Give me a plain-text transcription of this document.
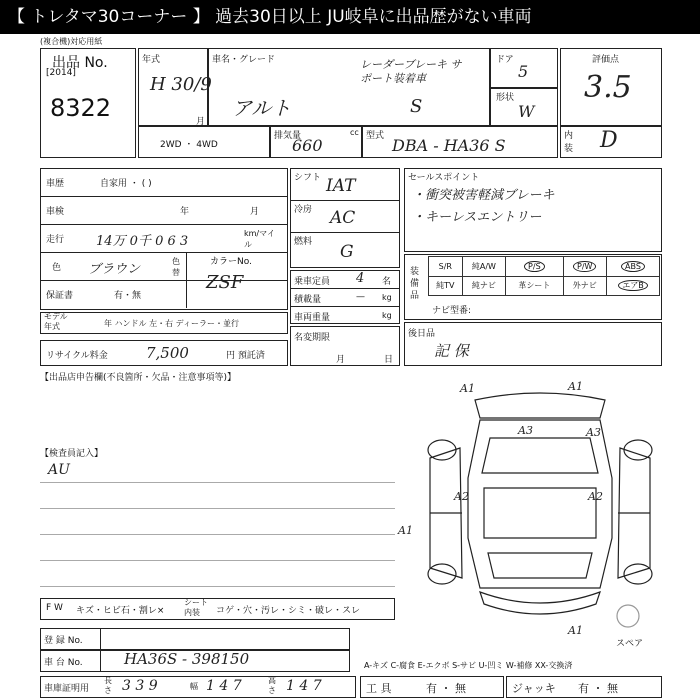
【 トレタマ30コーナー 】 過去30日以上 JU岐阜に出品歴がない車両
(複合機)対応用紙
出品 No.
[2014]
8322
年式
H 30/9
月
車名・グレード
アルト
レーダーブレーキ サポート装着車
S
ドア
5
形状
W
評価点
3.5
内装 D
2WD ・ 4WD
排気量	cc
660	型式 DBA - HA36 S
車歴	自家用 ・ ( )
車検	年	月
走行 14万 0千 0 6 3
km/マイル
色 ブラウン
色替
カラーNo.
ZSF
保証書	有・無
モデル年式	年 ハンドル 左・右 ディーラー・並行
リサイクル料金	7,500	円 預託済
シフト IAT
冷房 AC
燃料 G
乗車定員 4 名
積載量	— kg
車両重量	kg
名変期限
月	日
セールスポイント
・衝突被害軽減ブレーキ
・キーレスエントリー
装備品
S/R	純A/W	P/S	P/W	ABS
純TV	純ナビ	革シート	外ナビ	エアB
ナビ型番:
後日品
記 保
【出品店申告欄(不良箇所・欠品・注意事項等)】
【検査員記入】
AU
A1	A1
A3	A3
A2	A2
A1
A1
スペア
F W キズ・ヒビ石・割レ×
シート内装	コゲ・穴・汚レ・シミ・破レ・スレ
A-キズ C-腐食 E-エクボ S-サビ U-凹ミ W-補修 XX-交換済
登 録 No.
車 台 No.	HA36S - 398150
車庫証明用
長さ 3 3 9	幅 1 4 7	高さ 1 4 7	工 具	有 ・ 無	ジャッキ 有 ・ 無
